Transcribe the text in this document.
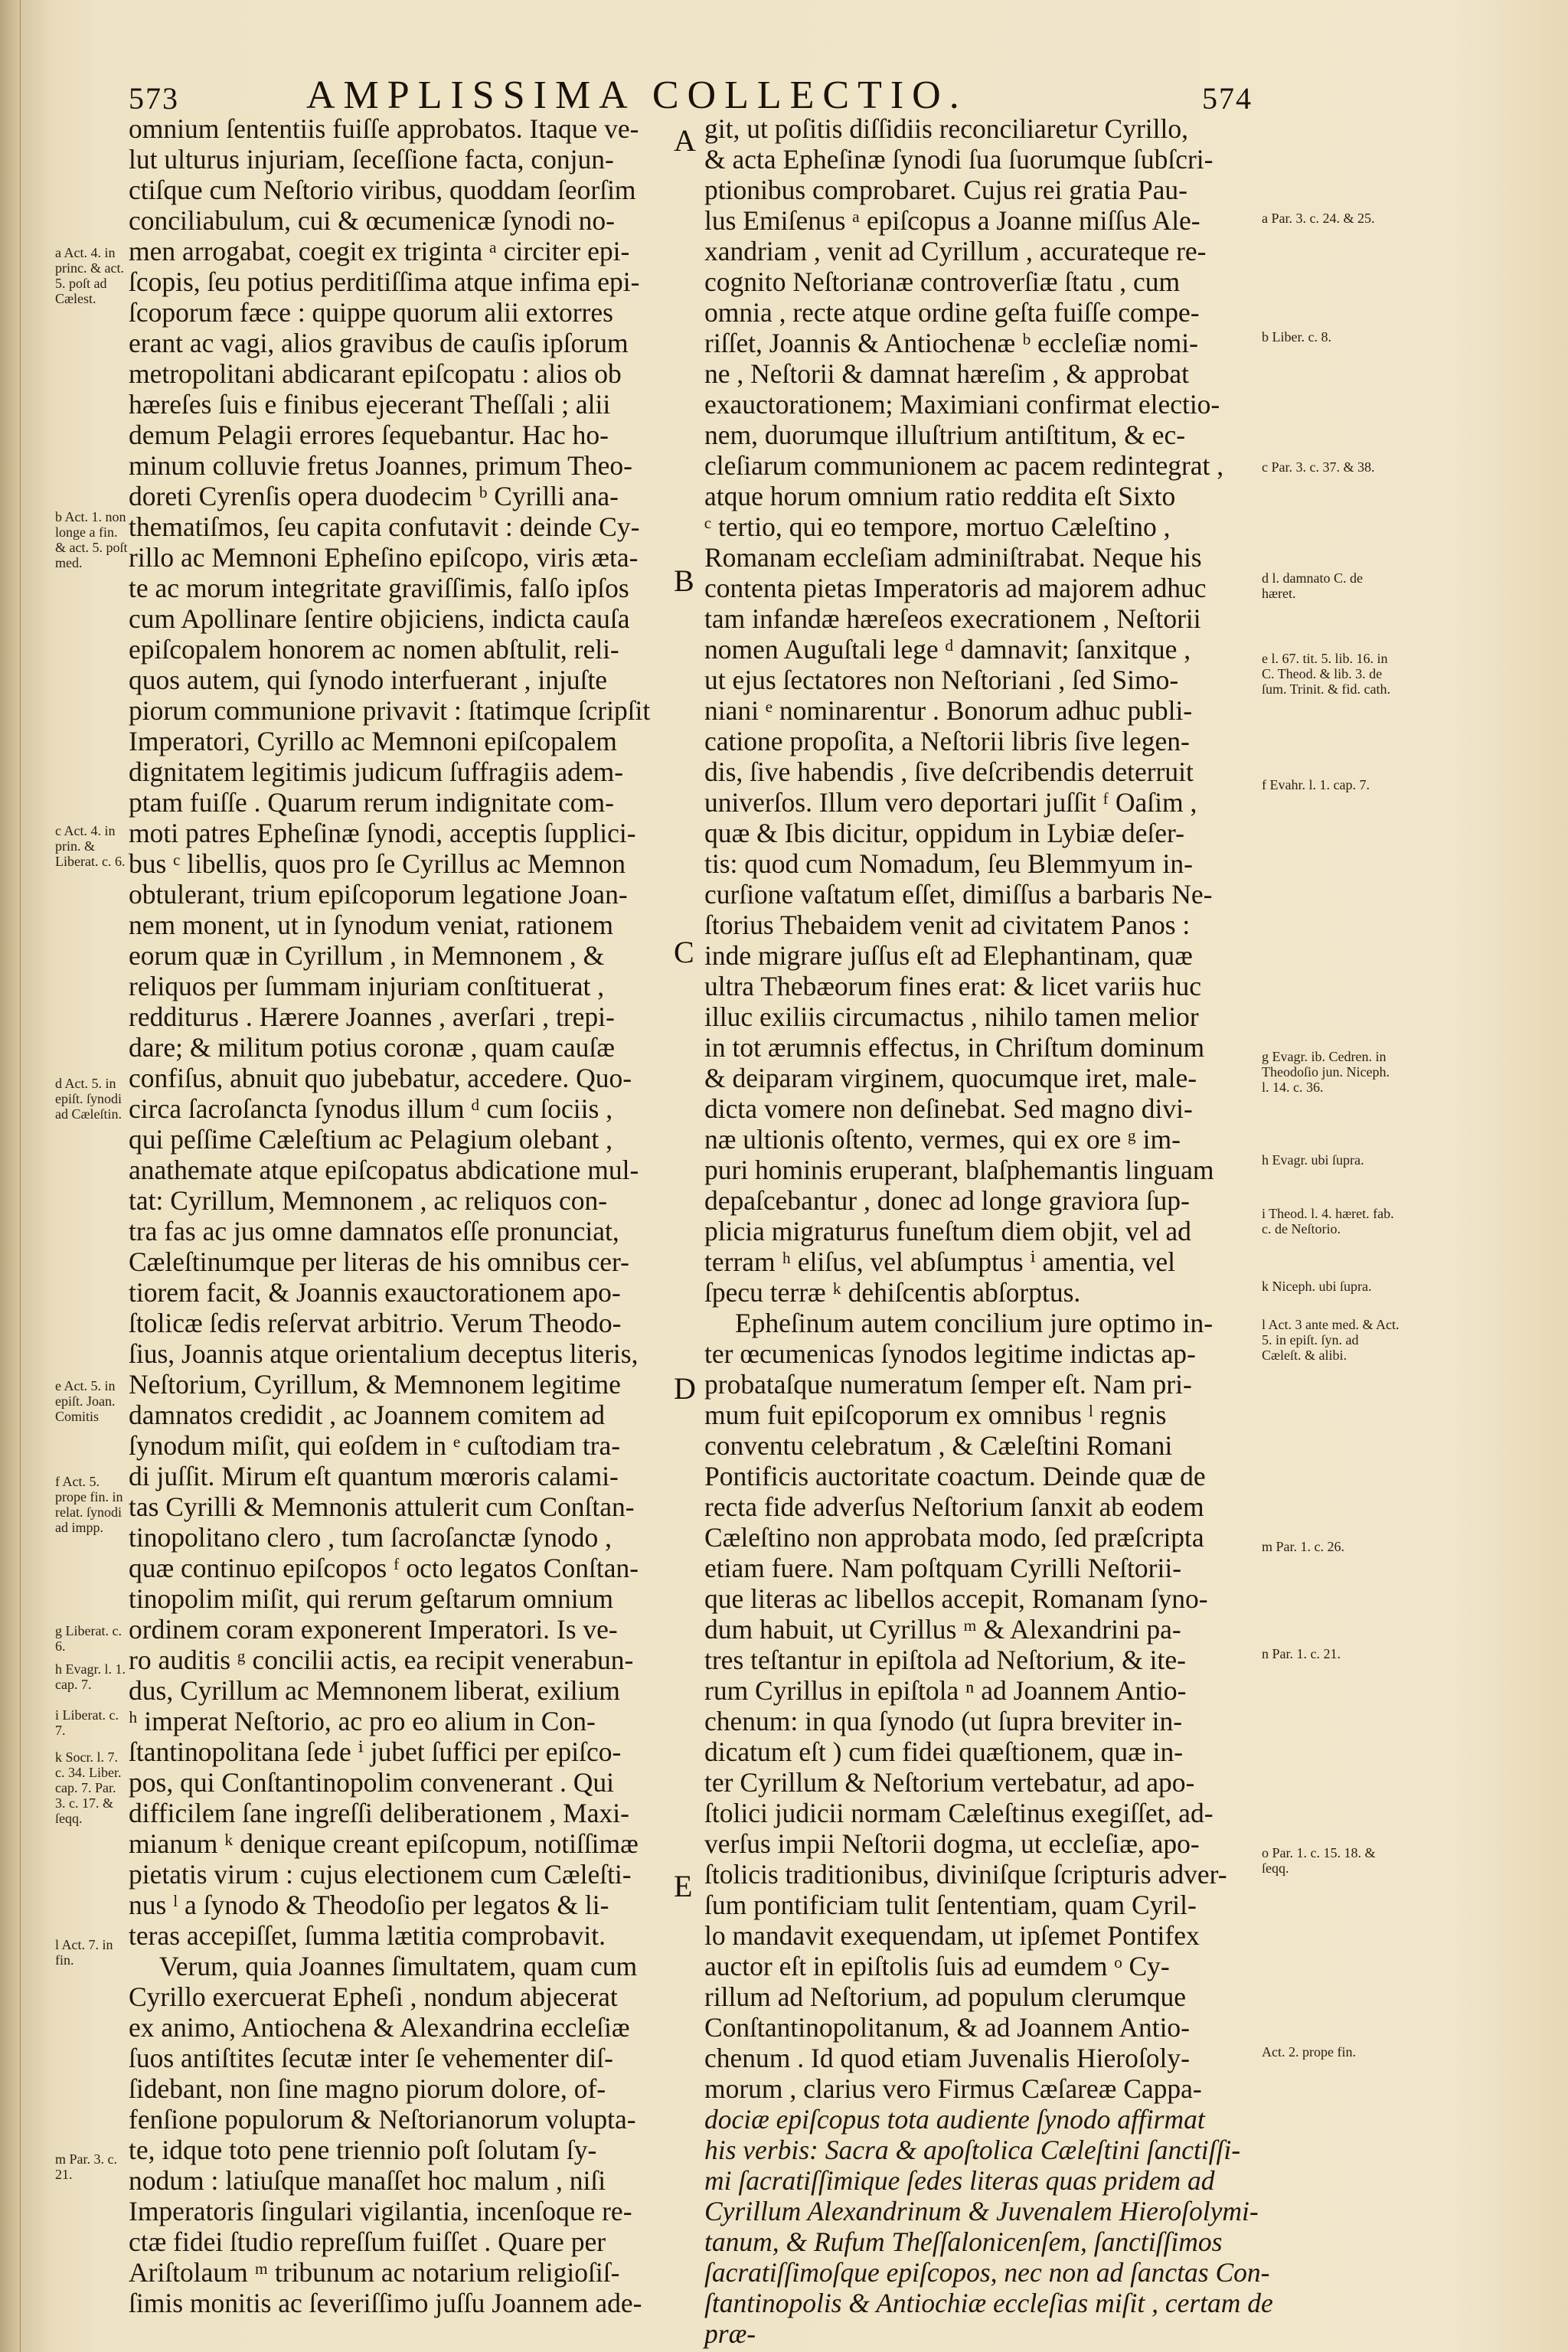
573	AMPLISSIMA COLLECTIO.	574
omnium ſententiis fuiſſe approbatos. Itaque ve-
lut ulturus injuriam, ſeceſſione facta, conjun-
ctiſque cum Neſtorio viribus, quoddam ſeorſim
conciliabulum, cui & œcumenicæ ſynodi no-
men arrogabat, coegit ex triginta ᵃ circiter epi-
ſcopis, ſeu potius perditiſſima atque infima epi-
ſcoporum fæce : quippe quorum alii extorres
erant ac vagi, alios gravibus de cauſis ipſorum
metropolitani abdicarant epiſcopatu : alios ob
hæreſes ſuis e finibus ejecerant Theſſali ; alii
demum Pelagii errores ſequebantur. Hac ho-
minum colluvie fretus Joannes, primum Theo-
doreti Cyrenſis opera duodecim ᵇ Cyrilli ana-
thematiſmos, ſeu capita confutavit : deinde Cy-
rillo ac Memnoni Epheſino epiſcopo, viris æta-
te ac morum integritate graviſſimis, falſo ipſos
cum Apollinare ſentire objiciens, indicta cauſa
epiſcopalem honorem ac nomen abſtulit, reli-
quos autem, qui ſynodo interfuerant , injuſte
piorum communione privavit : ſtatimque ſcripſit
Imperatori, Cyrillo ac Memnoni epiſcopalem
dignitatem legitimis judicum ſuffragiis adem-
ptam fuiſſe . Quarum rerum indignitate com-
moti patres Epheſinæ ſynodi, acceptis ſupplici-
bus ᶜ libellis, quos pro ſe Cyrillus ac Memnon
obtulerant, trium epiſcoporum legatione Joan-
nem monent, ut in ſynodum veniat, rationem
eorum quæ in Cyrillum , in Memnonem , &
reliquos per ſummam injuriam conſtituerat ,
redditurus . Hærere Joannes , averſari , trepi-
dare; & militum potius coronæ , quam cauſæ
confiſus, abnuit quo jubebatur, accedere. Quo-
circa ſacroſancta ſynodus illum ᵈ cum ſociis ,
qui peſſime Cæleſtium ac Pelagium olebant ,
anathemate atque epiſcopatus abdicatione mul-
tat: Cyrillum, Memnonem , ac reliquos con-
tra fas ac jus omne damnatos eſſe pronunciat,
Cæleſtinumque per literas de his omnibus cer-
tiorem facit, & Joannis exauctorationem apo-
ſtolicæ ſedis reſervat arbitrio. Verum Theodo-
ſius, Joannis atque orientalium deceptus literis,
Neſtorium, Cyrillum, & Memnonem legitime
damnatos credidit , ac Joannem comitem ad
ſynodum miſit, qui eoſdem in ᵉ cuſtodiam tra-
di juſſit. Mirum eſt quantum mœroris calami-
tas Cyrilli & Memnonis attulerit cum Conſtan-
tinopolitano clero , tum ſacroſanctæ ſynodo ,
quæ continuo epiſcopos ᶠ octo legatos Conſtan-
tinopolim miſit, qui rerum geſtarum omnium
ordinem coram exponerent Imperatori. Is ve-
ro auditis ᵍ concilii actis, ea recipit venerabun-
dus, Cyrillum ac Memnonem liberat, exilium
ʰ imperat Neſtorio, ac pro eo alium in Con-
ſtantinopolitana ſede ⁱ jubet ſuffici per epiſco-
pos, qui Conſtantinopolim convenerant . Qui
difficilem ſane ingreſſi deliberationem , Maxi-
mianum ᵏ denique creant epiſcopum, notiſſimæ
pietatis virum : cujus electionem cum Cæleſti-
nus ˡ a ſynodo & Theodoſio per legatos & li-
teras accepiſſet, ſumma lætitia comprobavit.
Verum, quia Joannes ſimultatem, quam cum
Cyrillo exercuerat Epheſi , nondum abjecerat
ex animo, Antiochena & Alexandrina eccleſiæ
ſuos antiſtites ſecutæ inter ſe vehementer diſ-
ſidebant, non ſine magno piorum dolore, of-
fenſione populorum & Neſtorianorum volupta-
te, idque toto pene triennio poſt ſolutam ſy-
nodum : latiuſque manaſſet hoc malum , niſi
Imperatoris ſingulari vigilantia, incenſoque re-
ctæ fidei ſtudio repreſſum fuiſſet . Quare per
Ariſtolaum ᵐ tribunum ac notarium religioſiſ-
ſimis monitis ac ſeveriſſimo juſſu Joannem ade-
git, ut poſitis diſſidiis reconciliaretur Cyrillo,
& acta Epheſinæ ſynodi ſua ſuorumque ſubſcri-
ptionibus comprobaret. Cujus rei gratia Pau-
lus Emiſenus ᵃ epiſcopus a Joanne miſſus Ale-
xandriam , venit ad Cyrillum , accurateque re-
cognito Neſtorianæ controverſiæ ſtatu , cum
omnia , recte atque ordine geſta fuiſſe compe-
riſſet, Joannis & Antiochenæ ᵇ eccleſiæ nomi-
ne , Neſtorii & damnat hæreſim , & approbat
exauctorationem; Maximiani confirmat electio-
nem, duorumque illuſtrium antiſtitum, & ec-
cleſiarum communionem ac pacem redintegrat ,
atque horum omnium ratio reddita eſt Sixto
ᶜ tertio, qui eo tempore, mortuo Cæleſtino ,
Romanam eccleſiam adminiſtrabat. Neque his
contenta pietas Imperatoris ad majorem adhuc
tam infandæ hæreſeos execrationem , Neſtorii
nomen Auguſtali lege ᵈ damnavit; ſanxitque ,
ut ejus ſectatores non Neſtoriani , ſed Simo-
niani ᵉ nominarentur . Bonorum adhuc publi-
catione propoſita, a Neſtorii libris ſive legen-
dis, ſive habendis , ſive deſcribendis deterruit
univerſos. Illum vero deportari juſſit ᶠ Oaſim ,
quæ & Ibis dicitur, oppidum in Lybiæ deſer-
tis: quod cum Nomadum, ſeu Blemmyum in-
curſione vaſtatum eſſet, dimiſſus a barbaris Ne-
ſtorius Thebaidem venit ad civitatem Panos :
inde migrare juſſus eſt ad Elephantinam, quæ
ultra Thebæorum fines erat: & licet variis huc
illuc exiliis circumactus , nihilo tamen melior
in tot ærumnis effectus, in Chriſtum dominum
& deiparam virginem, quocumque iret, male-
dicta vomere non deſinebat. Sed magno divi-
næ ultionis oſtento, vermes, qui ex ore ᵍ im-
puri hominis eruperant, blaſphemantis linguam
depaſcebantur , donec ad longe graviora ſup-
plicia migraturus funeſtum diem objit, vel ad
terram ʰ eliſus, vel abſumptus ⁱ amentia, vel
ſpecu terræ ᵏ dehiſcentis abſorptus.
Epheſinum autem concilium jure optimo in-
ter œcumenicas ſynodos legitime indictas ap-
probataſque numeratum ſemper eſt. Nam pri-
mum fuit epiſcoporum ex omnibus ˡ regnis
conventu celebratum , & Cæleſtini Romani
Pontificis auctoritate coactum. Deinde quæ de
recta fide adverſus Neſtorium ſanxit ab eodem
Cæleſtino non approbata modo, ſed præſcripta
etiam fuere. Nam poſtquam Cyrilli Neſtorii-
que literas ac libellos accepit, Romanam ſyno-
dum habuit, ut Cyrillus ᵐ & Alexandrini pa-
tres teſtantur in epiſtola ad Neſtorium, & ite-
rum Cyrillus in epiſtola ⁿ ad Joannem Antio-
chenum: in qua ſynodo (ut ſupra breviter in-
dicatum eſt ) cum fidei quæſtionem, quæ in-
ter Cyrillum & Neſtorium vertebatur, ad apo-
ſtolici judicii normam Cæleſtinus exegiſſet, ad-
verſus impii Neſtorii dogma, ut eccleſiæ, apo-
ſtolicis traditionibus, diviniſque ſcripturis adver-
ſum pontificiam tulit ſententiam, quam Cyril-
lo mandavit exequendam, ut ipſemet Pontifex
auctor eſt in epiſtolis ſuis ad eumdem ᵒ Cy-
rillum ad Neſtorium, ad populum clerumque
Conſtantinopolitanum, & ad Joannem Antio-
chenum . Id quod etiam Juvenalis Hieroſoly-
morum , clarius vero Firmus Cæſareæ Cappa-
dociæ epiſcopus tota audiente ſynodo affirmat
his verbis: Sacra & apoſtolica Cæleſtini ſanctiſſi-
mi ſacratiſſimique ſedes literas quas pridem ad
Cyrillum Alexandrinum & Juvenalem Hieroſolymi-
tanum, & Rufum Theſſalonicenſem, ſanctiſſimos
ſacratiſſimoſque epiſcopos, nec non ad ſanctas Con-
ſtantinopolis & Antiochiæ eccleſias miſit , certam de
præ-
A
B
C
D
E
a Act. 4. in princ. & act. 5. poſt ad Cælest.
b Act. 1. non longe a fin. & act. 5. poſt med.
c Act. 4. in prin. & Liberat. c. 6.
d Act. 5. in epiſt. ſynodi ad Cæleſtin.
e Act. 5. in epiſt. Joan. Comitis
f Act. 5. prope fin. in relat. ſynodi ad impp.
g Liberat. c. 6.
h Evagr. l. 1. cap. 7.
i Liberat. c. 7.
k Socr. l. 7. c. 34. Liber. cap. 7. Par. 3. c. 17. & ſeqq.
l Act. 7. in fin.
m Par. 3. c. 21.
a Par. 3. c. 24. & 25.
b Liber. c. 8.
c Par. 3. c. 37. & 38.
d l. damnato C. de hæret.
e l. 67. tit. 5. lib. 16. in C. Theod. & lib. 3. de ſum. Trinit. & fid. cath.
f Evahr. l. 1. cap. 7.
g Evagr. ib. Cedren. in Theodoſio jun. Niceph. l. 14. c. 36.
h Evagr. ubi ſupra.
i Theod. l. 4. hæret. fab. c. de Neſtorio.
k Niceph. ubi ſupra.
l Act. 3 ante med. & Act. 5. in epiſt. ſyn. ad Cæleſt. & alibi.
m Par. 1. c. 26.
n Par. 1. c. 21.
o Par. 1. c. 15. 18. & ſeqq.
Act. 2. prope fin.
